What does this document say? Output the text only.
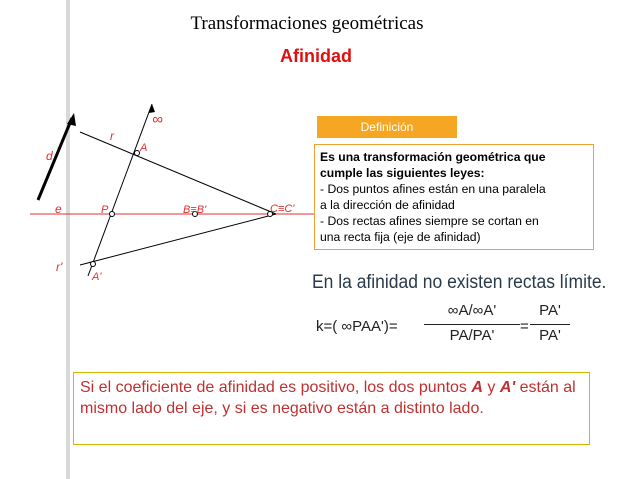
Transformaciones geométricas
Afinidad
∞
r
A
d
e	P	B≡B'	C≡C'
r'
A'
Definición
Es una transformación geométrica que
cumple las siguientes leyes:
- Dos puntos afines están en una paralela
a la dirección de afinidad
- Dos rectas afines siempre se cortan en
una recta fija (eje de afinidad)
En la afinidad no existen rectas límite.
k=( ∞PAA')=
∞A/∞A'
PA/PA'
=
PA'
PA'
Si el coeficiente de afinidad es positivo, los dos puntos A y A' están al mismo lado del eje, y si es negativo están a distinto lado.
